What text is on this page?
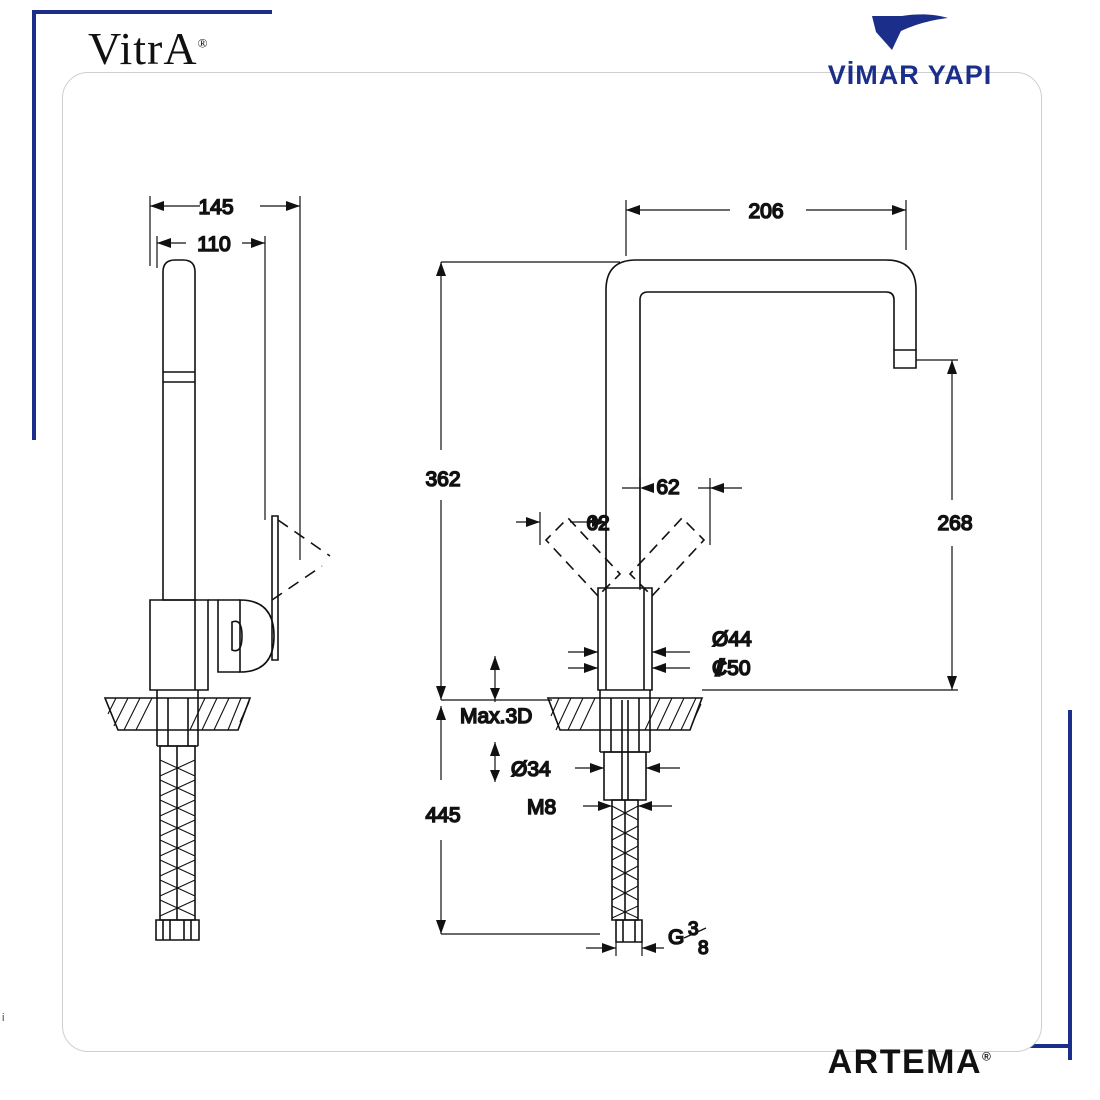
VitrA®
VİMAR YAPI
ARTEMA®
i
145
110
206
362
445
268
62
62
Max.3D
Ø44
₡50
Ø34
M8
G 3
8
